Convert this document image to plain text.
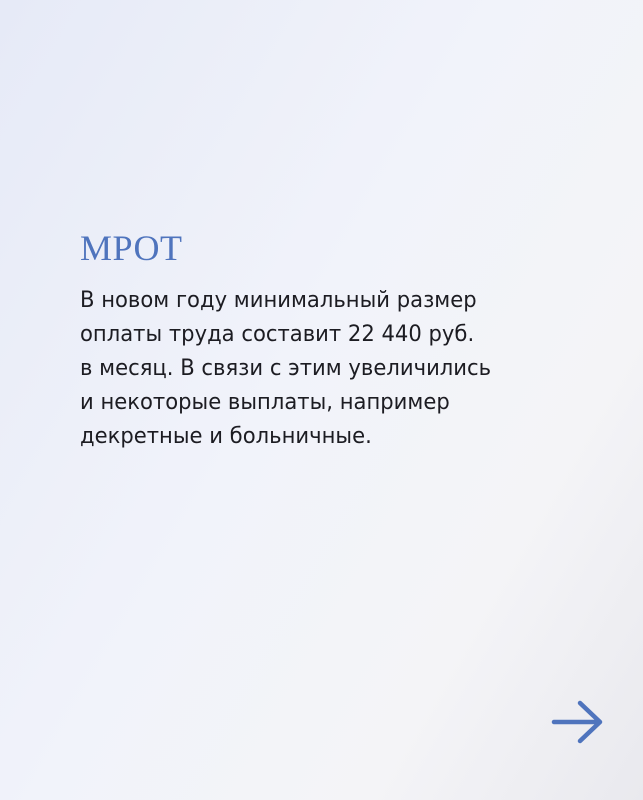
МРОТ

В новом году минимальный размер
оплаты труда составит 22 440 руб.
в месяц. В связи с этим увеличились
и некоторые выплаты, например
декретные и больничные.
